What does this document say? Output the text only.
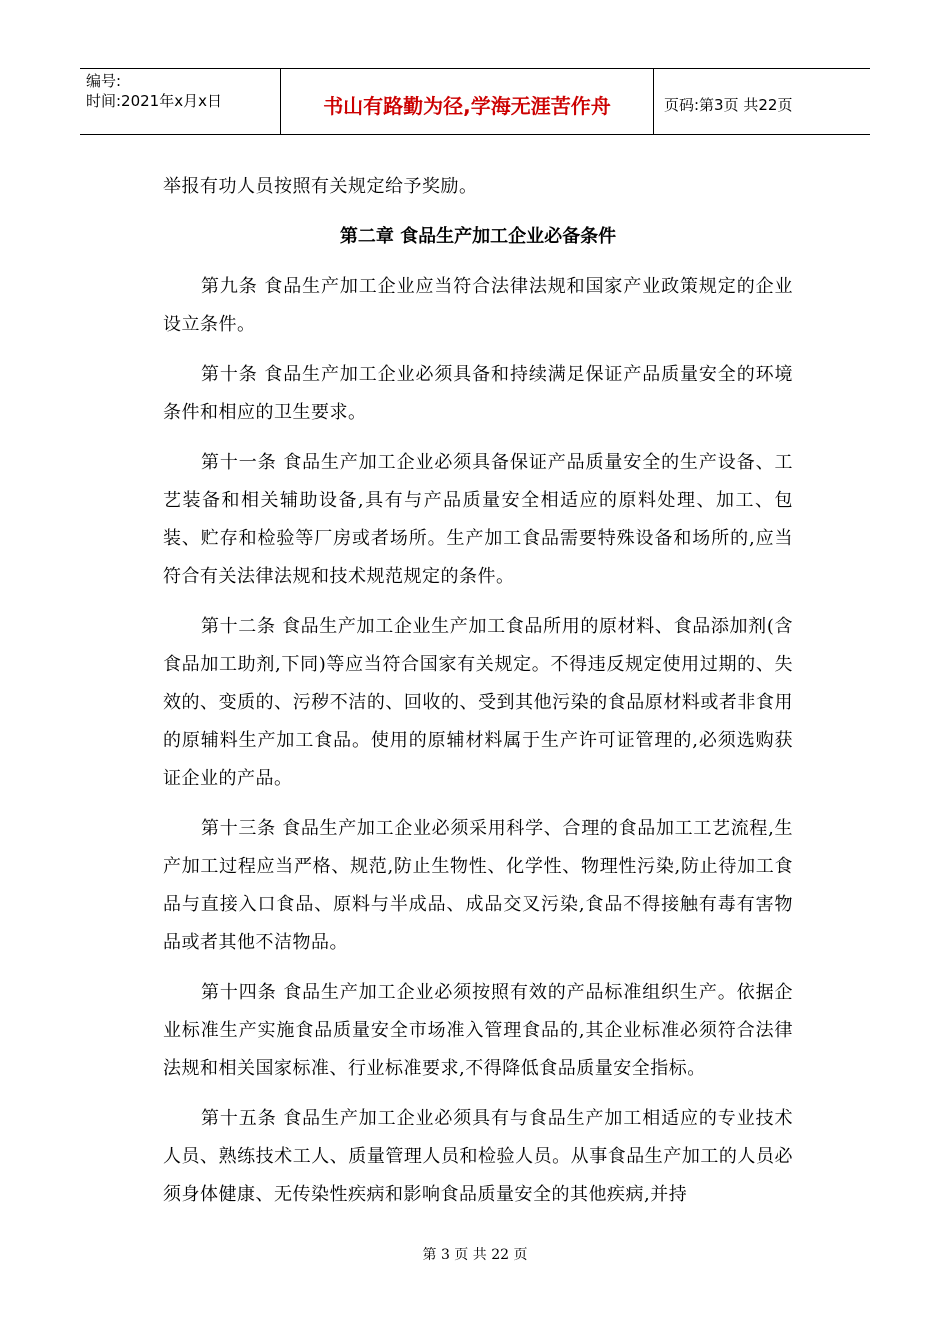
编号:
时间:2021年x月x日	书山有路勤为径,学海无涯苦作舟	页码:第3页 共22页

举报有功人员按照有关规定给予奖励。

第二章 食品生产加工企业必备条件

第九条 食品生产加工企业应当符合法律法规和国家产业政策规定的企业设立条件。

第十条 食品生产加工企业必须具备和持续满足保证产品质量安全的环境条件和相应的卫生要求。

第十一条 食品生产加工企业必须具备保证产品质量安全的生产设备、工艺装备和相关辅助设备,具有与产品质量安全相适应的原料处理、加工、包装、贮存和检验等厂房或者场所。生产加工食品需要特殊设备和场所的,应当符合有关法律法规和技术规范规定的条件。

第十二条 食品生产加工企业生产加工食品所用的原材料、食品添加剂(含食品加工助剂,下同)等应当符合国家有关规定。不得违反规定使用过期的、失效的、变质的、污秽不洁的、回收的、受到其他污染的食品原材料或者非食用的原辅料生产加工食品。使用的原辅材料属于生产许可证管理的,必须选购获证企业的产品。

第十三条 食品生产加工企业必须采用科学、合理的食品加工工艺流程,生产加工过程应当严格、规范,防止生物性、化学性、物理性污染,防止待加工食品与直接入口食品、原料与半成品、成品交叉污染,食品不得接触有毒有害物品或者其他不洁物品。

第十四条 食品生产加工企业必须按照有效的产品标准组织生产。依据企业标准生产实施食品质量安全市场准入管理食品的,其企业标准必须符合法律法规和相关国家标准、行业标准要求,不得降低食品质量安全指标。

第十五条 食品生产加工企业必须具有与食品生产加工相适应的专业技术人员、熟练技术工人、质量管理人员和检验人员。从事食品生产加工的人员必须身体健康、无传染性疾病和影响食品质量安全的其他疾病,并持

第 3 页 共 22 页
